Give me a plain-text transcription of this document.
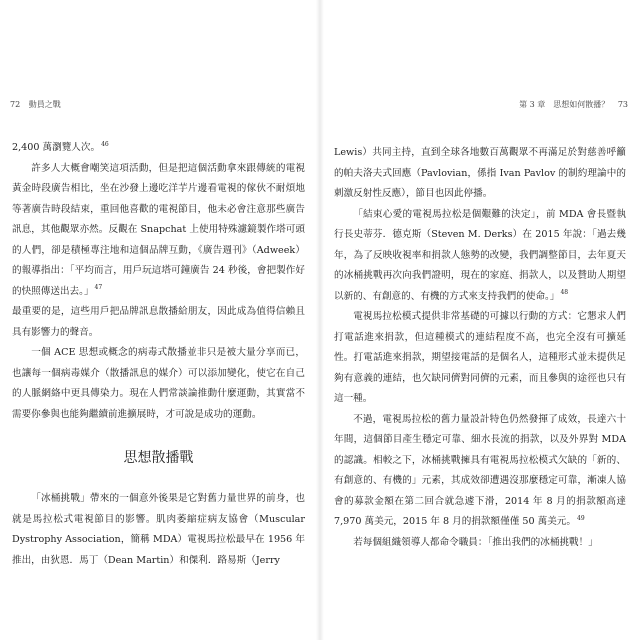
72 動員之戰

2,400 萬瀏覽人次。$^{46}$

許多人大概會嘲笑這項活動，但是把這個活動拿來跟傳統的電視黃金時段廣告相比，坐在沙發上邊吃洋芋片邊看電視的傢伙不耐煩地等著廣告時段結束，重回他喜歡的電視節目，他未必會注意那些廣告訊息，其他觀眾亦然。反觀在 Snapchat 上使用特殊濾鏡製作塔可頭的人們，卻是積極專注地和這個品牌互動，《廣告週刊》（Adweek）的報導指出：「平均而言，用戶玩這塔可鐘廣告 24 秒後，會把製作好的快照傳送出去。」$^{47}$

最重要的是，這些用戶把品牌訊息散播給朋友，因此成為值得信賴且具有影響力的聲音。

一個 ACE 思想或概念的病毒式散播並非只是被大量分享而已，也讓每一個病毒媒介（散播訊息的媒介）可以添加變化，使它在自己的人脈網絡中更具傳染力。現在人們常談論推動什麼運動，其實當不需要你參與也能夠繼續前進擴展時，才可說是成功的運動。

思想散播戰

「冰桶挑戰」帶來的一個意外後果是它對舊力量世界的前身，也就是馬拉松式電視節目的影響。肌肉萎縮症病友協會（Muscular Dystrophy Association，簡稱 MDA）電視馬拉松最早在 1956 年推出，由狄恩．馬丁（Dean Martin）和傑利．路易斯（Jerry

第 3 章　思想如何散播？ 73

Lewis）共同主持，直到全球各地數百萬觀眾不再滿足於對慈善呼籲的帕夫洛夫式回應（Pavlovian，係指 Ivan Pavlov 的制約理論中的刺激反射性反應），節目也因此停播。

「結束心愛的電視馬拉松是個艱難的決定」，前 MDA 會長暨執行長史蒂芬．德克斯（Steven M. Derks）在 2015 年說：「過去幾年，為了反映收視率和捐款人態勢的改變，我們調整節目，去年夏天的冰桶挑戰再次向我們證明，現在的家庭、捐款人，以及贊助人期望以新的、有創意的、有機的方式來支持我們的使命。」$^{48}$

電視馬拉松模式提供非常基礎的可據以行動的方式：它懇求人們打電話進來捐款，但這種模式的連結程度不高，也完全沒有可擴延性。打電話進來捐款，期望接電話的是個名人，這種形式並未提供足夠有意義的連結，也欠缺同儕對同儕的元素，而且參與的途徑也只有這一種。

不過，電視馬拉松的舊力量設計特色仍然發揮了成效，長達六十年間，這個節目產生穩定可靠、細水長流的捐款，以及外界對 MDA 的認識。相較之下，冰桶挑戰擁具有電視馬拉松模式欠缺的「新的、有創意的、有機的」元素，其成效卻遭遇沒那麼穩定可靠，漸凍人協會的募款金額在第二回合就急遽下滑，2014 年 8 月的捐款額高達 7,970 萬美元，2015 年 8 月的捐款額僅僅 50 萬美元。$^{49}$

若每個組織領導人都命令職員：「推出我們的冰桶挑戰！」
